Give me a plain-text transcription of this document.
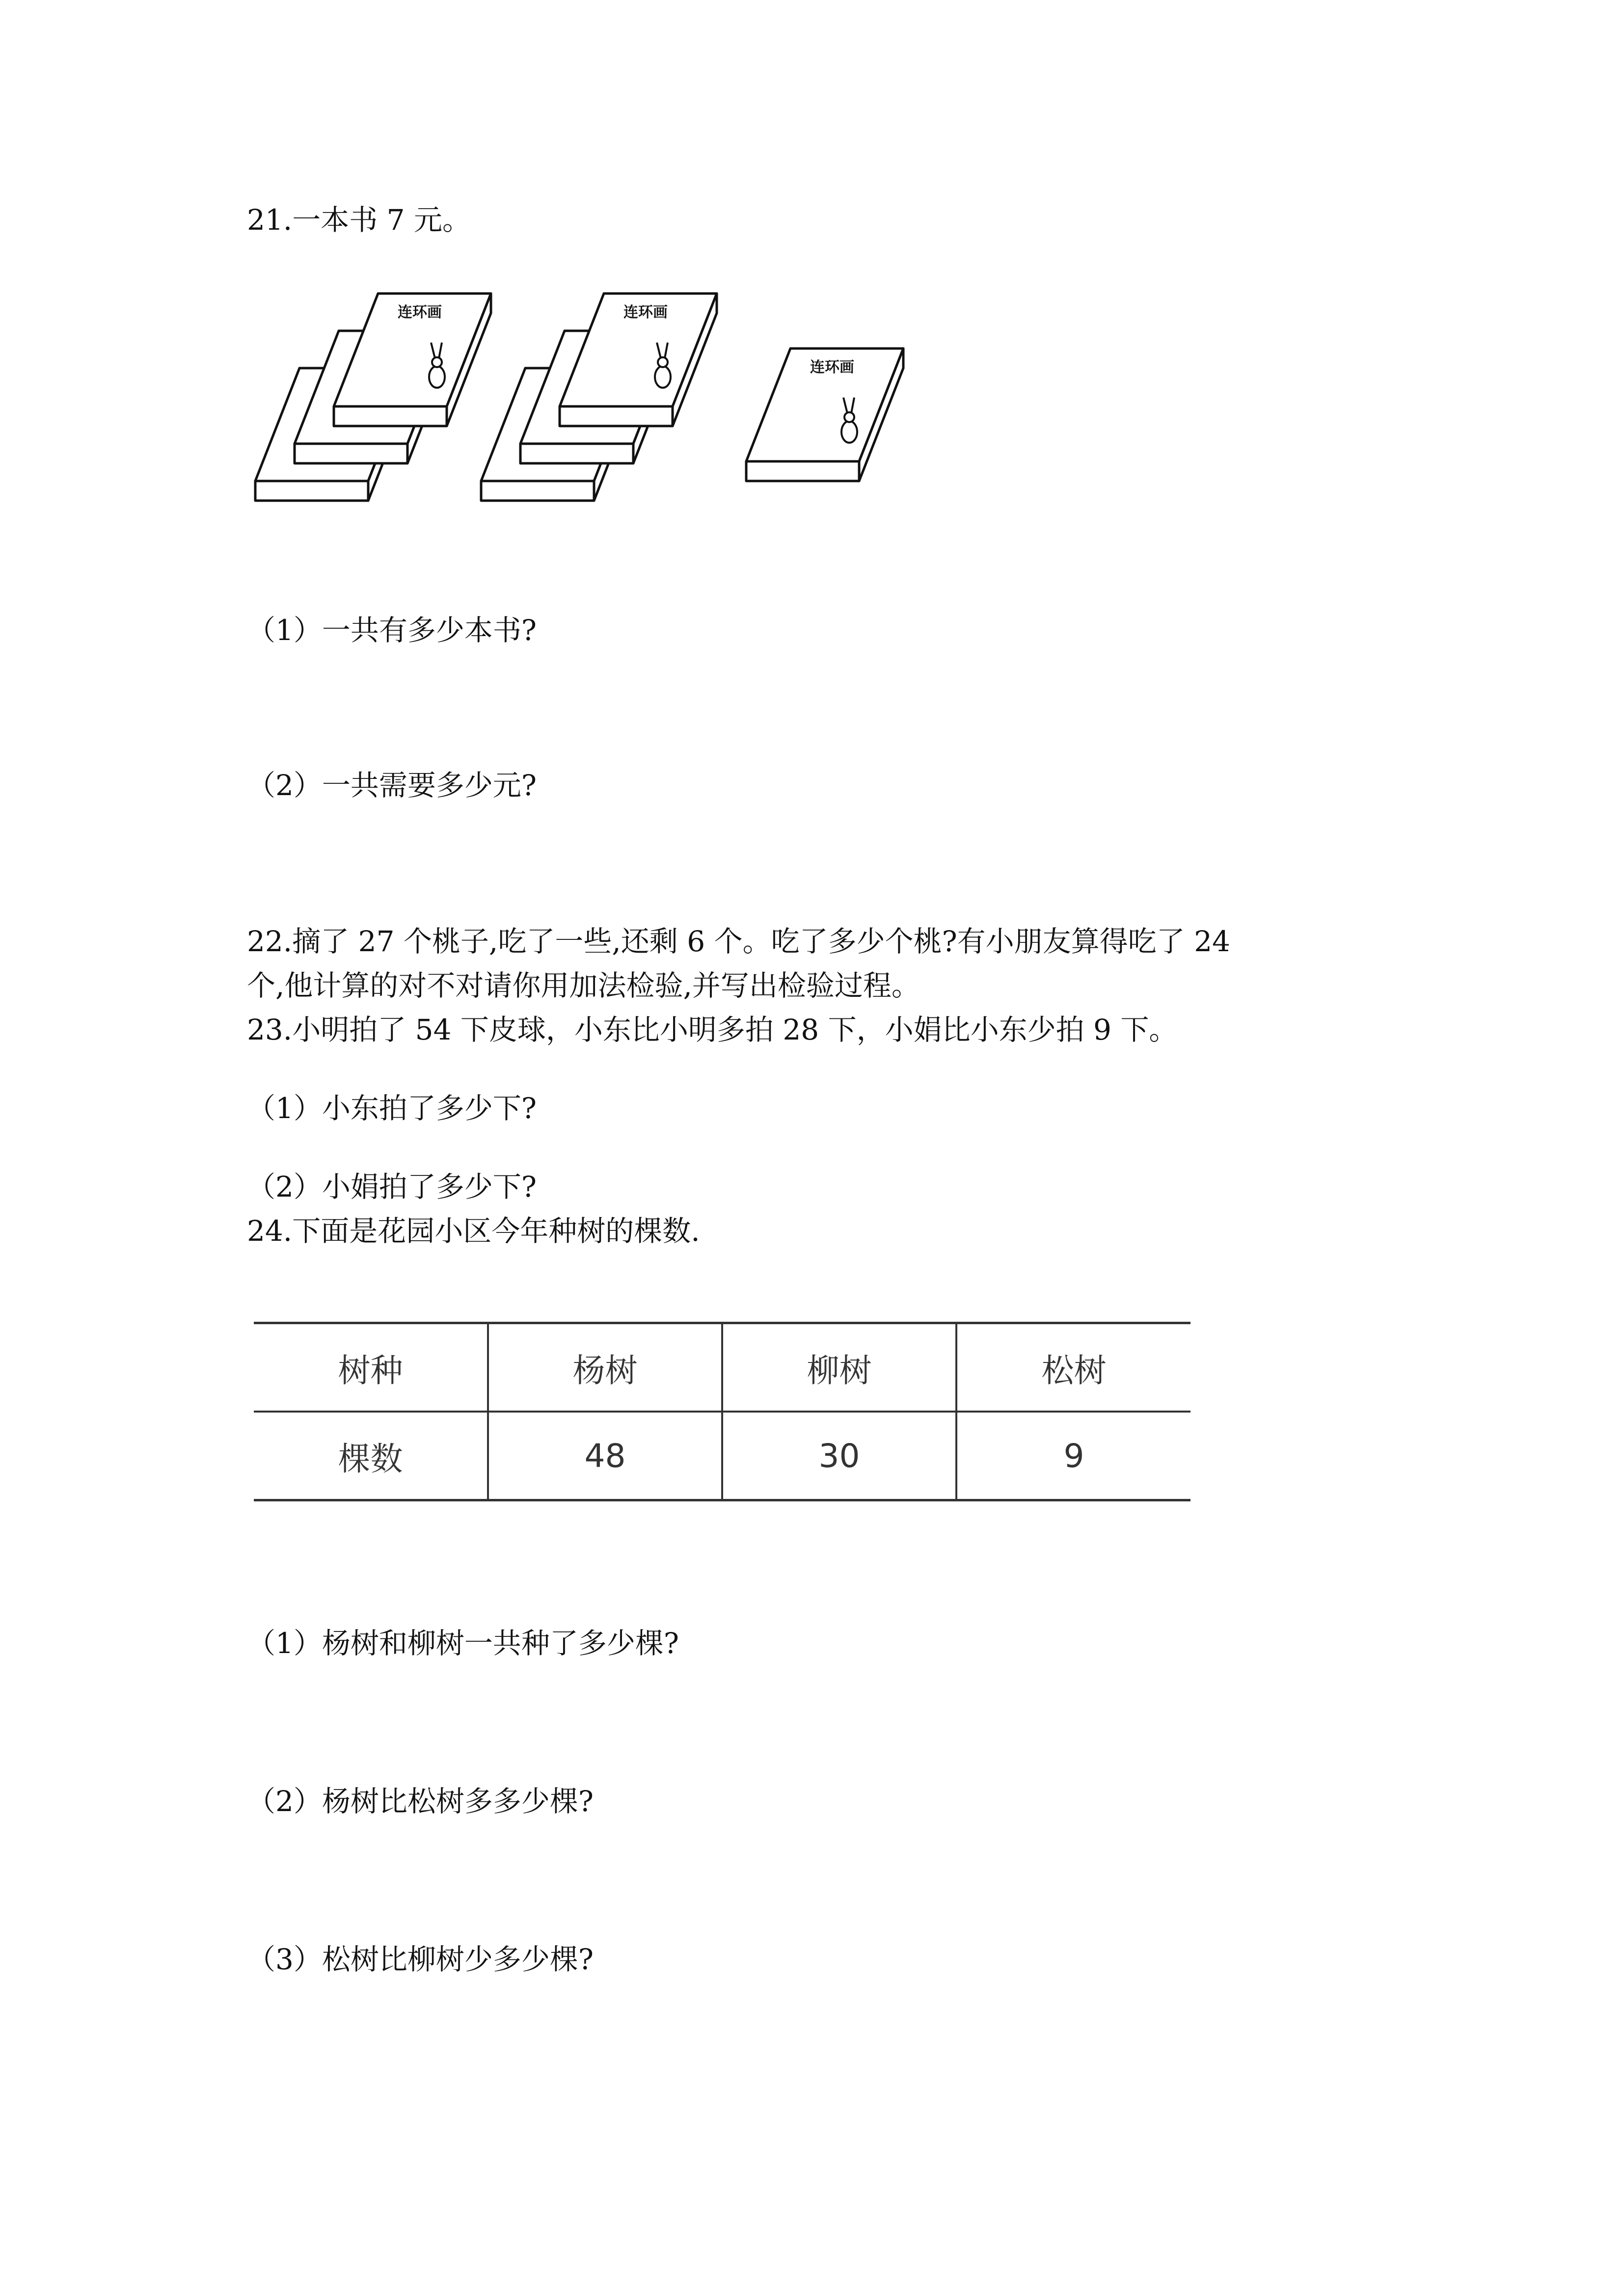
21.一本书 7 元。

连环画	连环画
连环画

（1）一共有多少本书?

（2）一共需要多少元?

22.摘了 27 个桃子,吃了一些,还剩 6 个。吃了多少个桃?有小朋友算得吃了 24

个,他计算的对不对请你用加法检验,并写出检验过程。

23.小明拍了 54 下皮球，小东比小明多拍 28 下，小娟比小东少拍 9 下。

（1）小东拍了多少下?

（2）小娟拍了多少下?

24.下面是花园小区今年种树的棵数.

树种	杨树	柳树	松树
棵数	48	30	9

（1）杨树和柳树一共种了多少棵?

（2）杨树比松树多多少棵?

（3）松树比柳树少多少棵?
